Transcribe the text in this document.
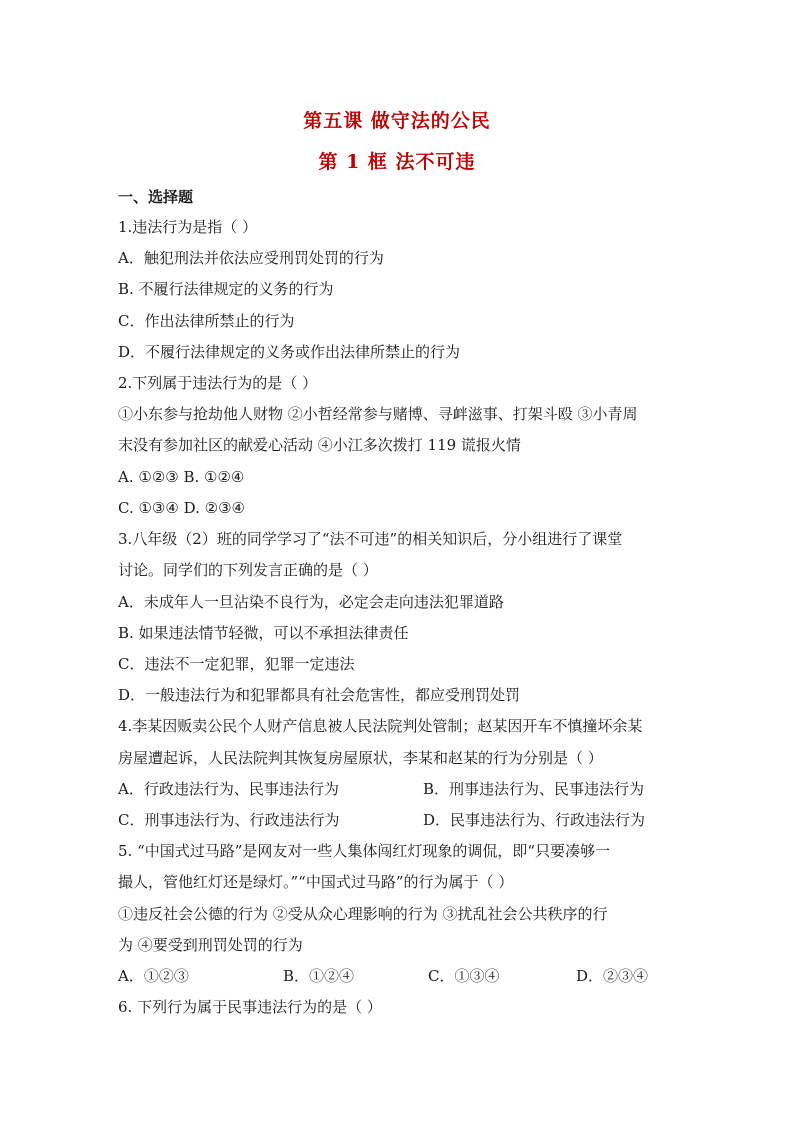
第五课 做守法的公民
第 1 框 法不可违
一、选择题
1.违法行为是指（ ）
A．触犯刑法并依法应受刑罚处罚的行为
B. 不履行法律规定的义务的行为
C．作出法律所禁止的行为
D．不履行法律规定的义务或作出法律所禁止的行为
2.下列属于违法行为的是（ ）
①小东参与抢劫他人财物 ②小哲经常参与赌博、寻衅滋事、打架斗殴 ③小青周
末没有参加社区的献爱心活动 ④小江多次拨打 119 谎报火情
A. ①②③ B. ①②④
C. ①③④ D. ②③④
3.八年级（2）班的同学学习了“法不可违”的相关知识后，分小组进行了课堂
讨论。同学们的下列发言正确的是（ ）
A．未成年人一旦沾染不良行为，必定会走向违法犯罪道路
B. 如果违法情节轻微，可以不承担法律责任
C．违法不一定犯罪，犯罪一定违法
D．一般违法行为和犯罪都具有社会危害性，都应受刑罚处罚
4.李某因贩卖公民个人财产信息被人民法院判处管制；赵某因开车不慎撞坏余某
房屋遭起诉，人民法院判其恢复房屋原状，李某和赵某的行为分别是（ ）
A．行政违法行为、民事违法行为	B．刑事违法行为、民事违法行为
C．刑事违法行为、行政违法行为	D．民事违法行为、行政违法行为
5. “中国式过马路”是网友对一些人集体闯红灯现象的调侃，即“只要凑够一
撮人，管他红灯还是绿灯。”“中国式过马路”的行为属于（ ）
①违反社会公德的行为 ②受从众心理影响的行为 ③扰乱社会公共秩序的行
为 ④要受到刑罚处罚的行为
A．①②③	B．①②④	C．①③④	D．②③④
6. 下列行为属于民事违法行为的是（ ）
